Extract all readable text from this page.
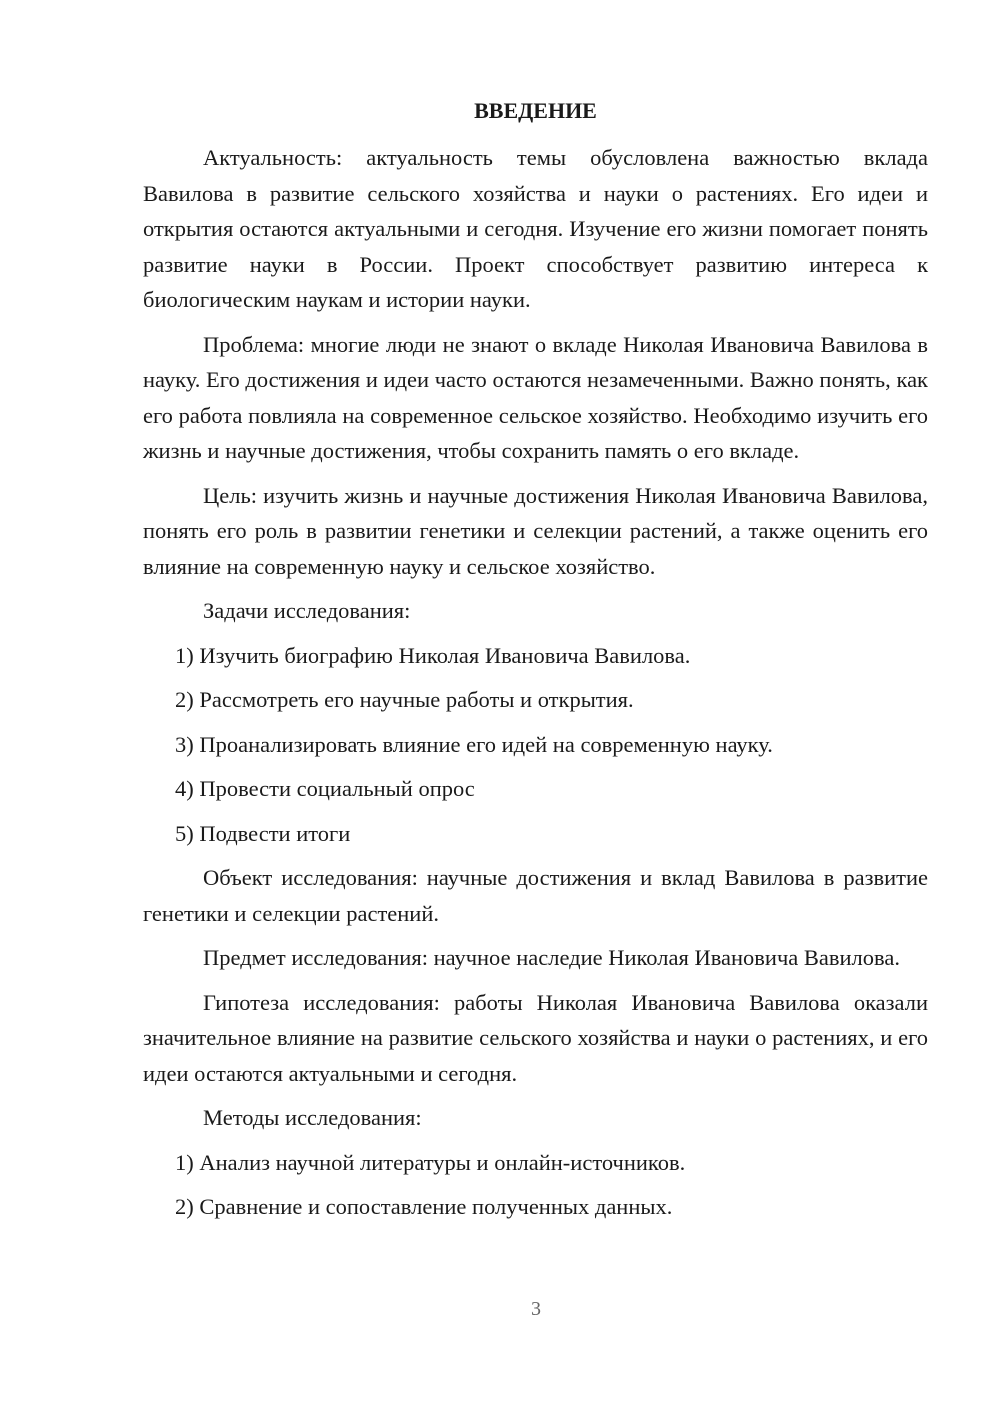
ВВЕДЕНИЕ

Актуальность: актуальность темы обусловлена важностью вклада Вавилова в развитие сельского хозяйства и науки о растениях. Его идеи и открытия остаются актуальными и сегодня. Изучение его жизни помогает понять развитие науки в России. Проект способствует развитию интереса к биологическим наукам и истории науки.

Проблема: многие люди не знают о вкладе Николая Ивановича Вавилова в науку. Его достижения и идеи часто остаются незамеченными. Важно понять, как его работа повлияла на современное сельское хозяйство. Необходимо изучить его жизнь и научные достижения, чтобы сохранить память о его вкладе.

Цель: изучить жизнь и научные достижения Николая Ивановича Вавилова, понять его роль в развитии генетики и селекции растений, а также оценить его влияние на современную науку и сельское хозяйство.

Задачи исследования:

1) Изучить биографию Николая Ивановича Вавилова.
2) Рассмотреть его научные работы и открытия.
3) Проанализировать влияние его идей на современную науку.
4) Провести социальный опрос
5) Подвести итоги

Объект исследования: научные достижения и вклад Вавилова в развитие генетики и селекции растений.

Предмет исследования: научное наследие Николая Ивановича Вавилова.

Гипотеза исследования: работы Николая Ивановича Вавилова оказали значительное влияние на развитие сельского хозяйства и науки о растениях, и его идеи остаются актуальными и сегодня.

Методы исследования:

1) Анализ научной литературы и онлайн-источников.
2) Сравнение и сопоставление полученных данных.
3
